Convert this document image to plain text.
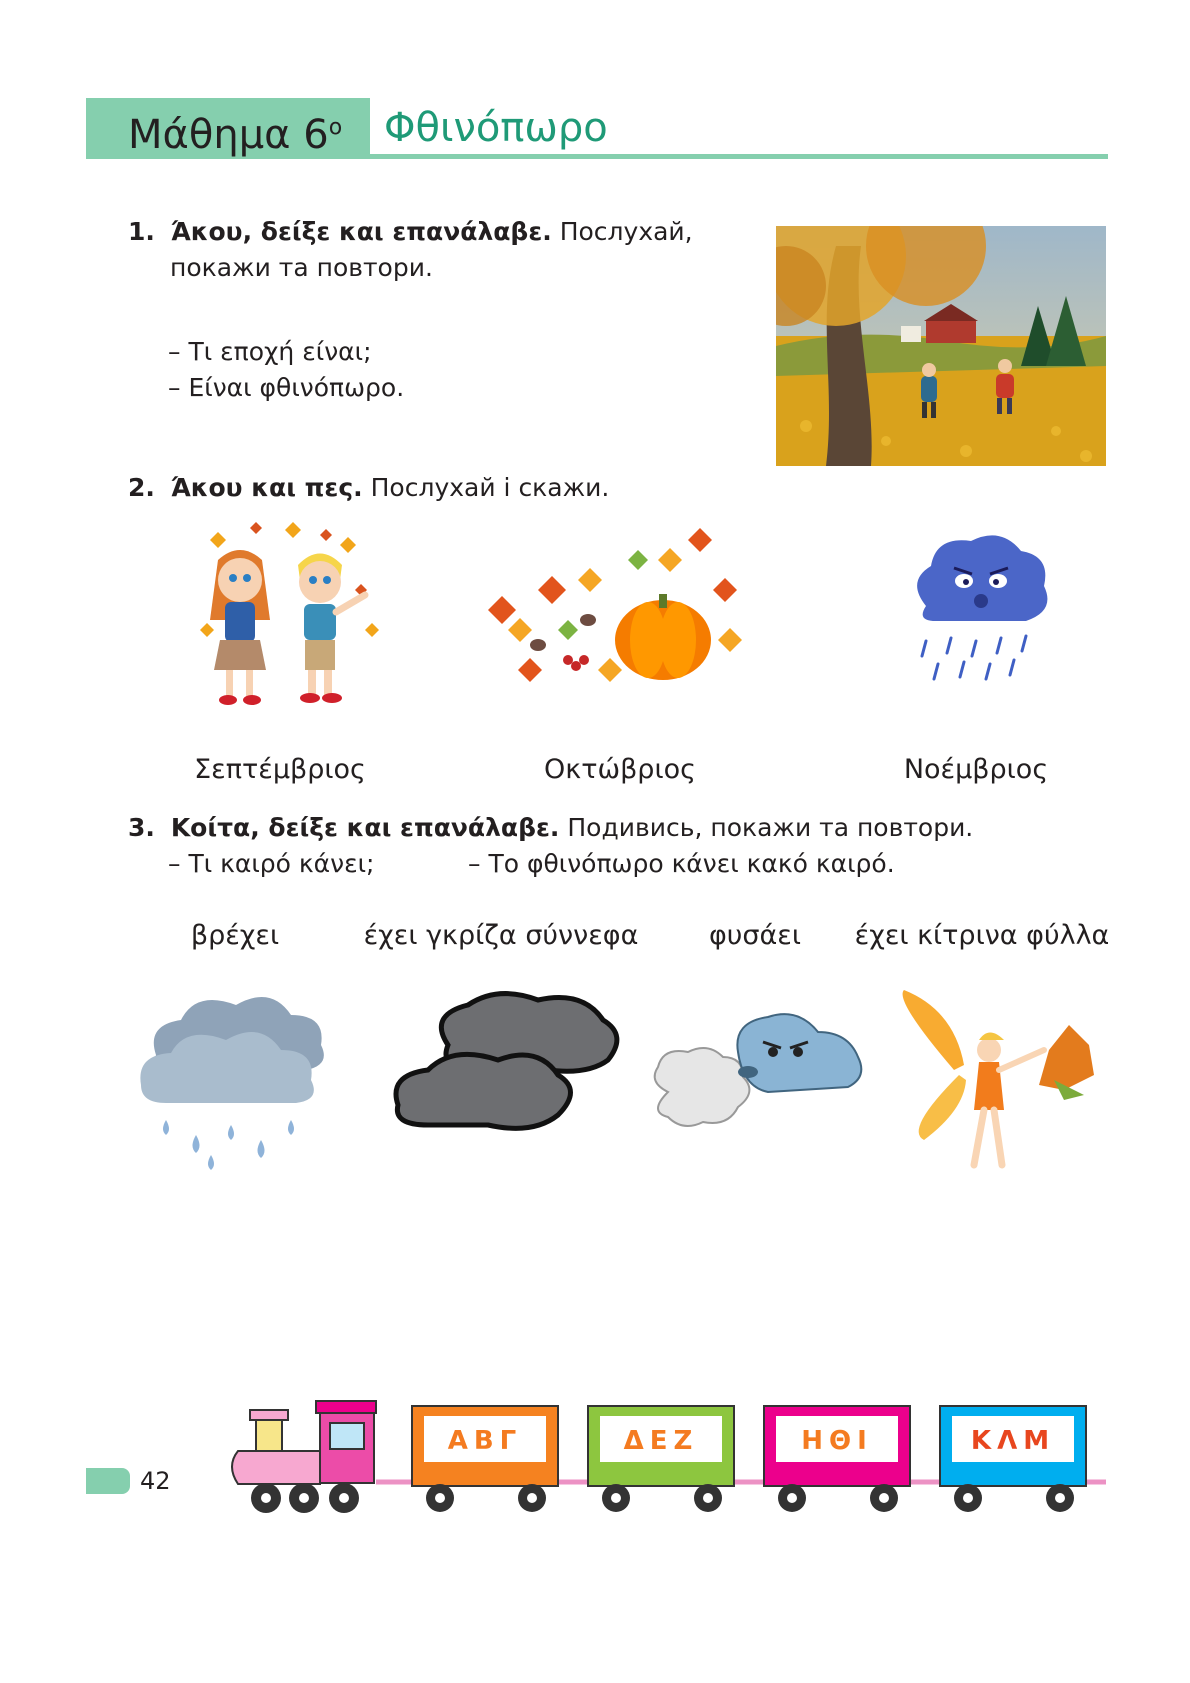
Μάθημα $6^o$ Φθινόπωρο
1. Άκου, δείξε και επανάλαβε. Послухай,
покажи та повтори.
– Τι εποχή είναι;
– Είναι φθινόπωρο.
2. Άκου και πες. Послухай і скажи.
Σεπτέμβριος	Οκτώβριος	Νοέμβριος
3. Κοίτα, δείξε και επανάλαβε. Подивись, покажи та повтори.
– Τι καιρό κάνει;	– Το φθινόπωρο κάνει κακό καιρό.
βρέχει	έχει γκρίζα σύννεφα	φυσάει	έχει κίτρινα φύλλα
ΑΒΓ	ΔΕΖ	ΗΘΙ	ΚΛΜ
42
